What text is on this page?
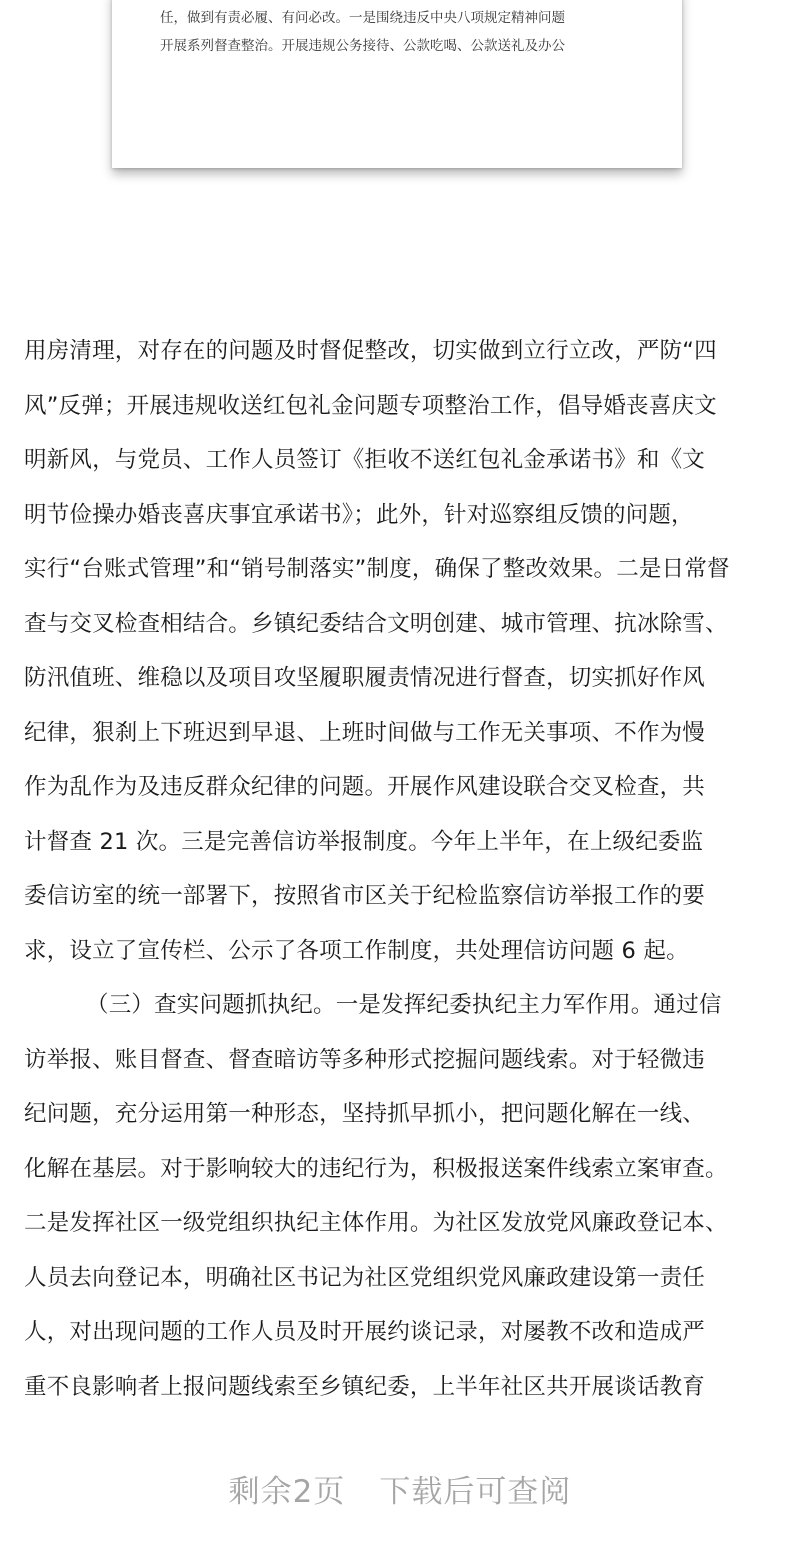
任，做到有责必履、有问必改。一是围绕违反中央八项规定精神问题
开展系列督查整治。开展违规公务接待、公款吃喝、公款送礼及办公
用房清理，对存在的问题及时督促整改，切实做到立行立改，严防“四
风”反弹；开展违规收送红包礼金问题专项整治工作，倡导婚丧喜庆文
明新风，与党员、工作人员签订《拒收不送红包礼金承诺书》和《文
明节俭操办婚丧喜庆事宜承诺书》；此外，针对巡察组反馈的问题，
实行“台账式管理”和“销号制落实”制度，确保了整改效果。二是日常督
查与交叉检查相结合。乡镇纪委结合文明创建、城市管理、抗冰除雪、
防汛值班、维稳以及项目攻坚履职履责情况进行督查，切实抓好作风
纪律，狠刹上下班迟到早退、上班时间做与工作无关事项、不作为慢
作为乱作为及违反群众纪律的问题。开展作风建设联合交叉检查，共
计督查 21 次。三是完善信访举报制度。今年上半年，在上级纪委监
委信访室的统一部署下，按照省市区关于纪检监察信访举报工作的要
求，设立了宣传栏、公示了各项工作制度，共处理信访问题 6 起。
（三）查实问题抓执纪。一是发挥纪委执纪主力军作用。通过信
访举报、账目督查、督查暗访等多种形式挖掘问题线索。对于轻微违
纪问题，充分运用第一种形态，坚持抓早抓小，把问题化解在一线、
化解在基层。对于影响较大的违纪行为，积极报送案件线索立案审查。
二是发挥社区一级党组织执纪主体作用。为社区发放党风廉政登记本、
人员去向登记本，明确社区书记为社区党组织党风廉政建设第一责任
人，对出现问题的工作人员及时开展约谈记录，对屡教不改和造成严
重不良影响者上报问题线索至乡镇纪委，上半年社区共开展谈话教育
剩余2页 下载后可查阅
